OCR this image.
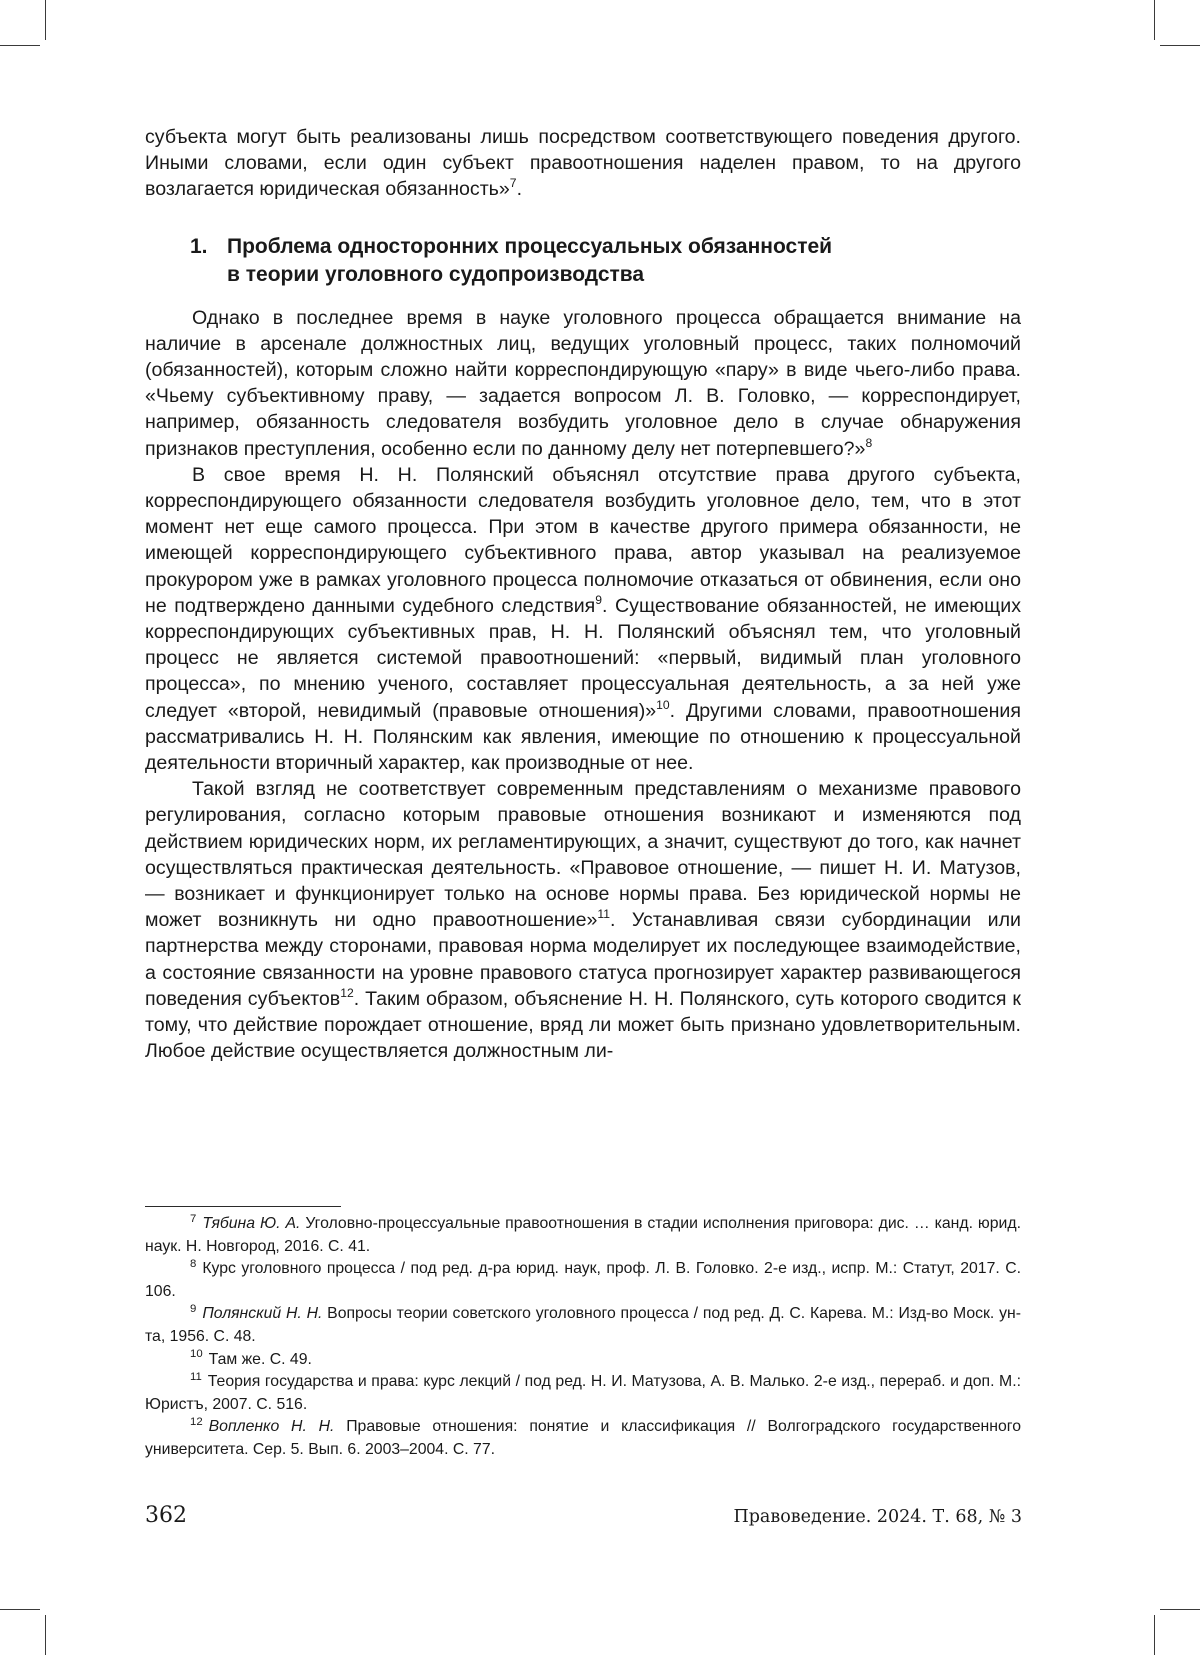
субъекта могут быть реализованы лишь посредством соответствующего поведения другого. Иными словами, если один субъект правоотношения наделен правом, то на другого возлагается юридическая обязанность»$^7$.

1. Проблема односторонних процессуальных обязанностей
в теории уголовного судопроизводства

Однако в последнее время в науке уголовного процесса обращается внимание на наличие в арсенале должностных лиц, ведущих уголовный процесс, таких полномочий (обязанностей), которым сложно найти корреспондирующую «пару» в виде чьего-либо права. «Чьему субъективному праву, — задается вопросом Л. В. Головко, — корреспондирует, например, обязанность следователя возбудить уголовное дело в случае обнаружения признаков преступления, особенно если по данному делу нет потерпевшего?»$^8$

В свое время Н. Н. Полянский объяснял отсутствие права другого субъекта, корреспондирующего обязанности следователя возбудить уголовное дело, тем, что в этот момент нет еще самого процесса. При этом в качестве другого примера обязанности, не имеющей корреспондирующего субъективного права, автор указывал на реализуемое прокурором уже в рамках уголовного процесса полномочие отказаться от обвинения, если оно не подтверждено данными судебного следствия$^9$. Существование обязанностей, не имеющих корреспондирующих субъективных прав, Н. Н. Полянский объяснял тем, что уголовный процесс не является системой правоотношений: «первый, видимый план уголовного процесса», по мнению ученого, составляет процессуальная деятельность, а за ней уже следует «второй, невидимый (правовые отношения)»$^{10}$. Другими словами, правоотношения рассматривались Н. Н. Полянским как явления, имеющие по отношению к процессуальной деятельности вторичный характер, как производные от нее.

Такой взгляд не соответствует современным представлениям о механизме правового регулирования, согласно которым правовые отношения возникают и изменяются под действием юридических норм, их регламентирующих, а значит, существуют до того, как начнет осуществляться практическая деятельность. «Правовое отношение, — пишет Н. И. Матузов, — возникает и функционирует только на основе нормы права. Без юридической нормы не может возникнуть ни одно правоотношение»$^{11}$. Устанавливая связи субординации или партнерства между сторонами, правовая норма моделирует их последующее взаимодействие, а состояние связанности на уровне правового статуса прогнозирует характер развивающегося поведения субъектов$^{12}$. Таким образом, объяснение Н. Н. Полянского, суть которого сводится к тому, что действие порождает отношение, вряд ли может быть признано удовлетворительным. Любое действие осуществляется должностным ли-

$^7$ Тябина Ю. А. Уголовно-процессуальные правоотношения в стадии исполнения приговора: дис. … канд. юрид. наук. Н. Новгород, 2016. С. 41.

$^8$ Курс уголовного процесса / под ред. д-ра юрид. наук, проф. Л. В. Головко. 2-е изд., испр. М.: Статут, 2017. С. 106.

$^9$ Полянский Н. Н. Вопросы теории советского уголовного процесса / под ред. Д. С. Карева. М.: Изд-во Моск. ун-та, 1956. С. 48.

$^{10}$ Там же. С. 49.

$^{11}$ Теория государства и права: курс лекций / под ред. Н. И. Матузова, А. В. Малько. 2-е изд., перераб. и доп. М.: Юристъ, 2007. С. 516.

$^{12}$ Вопленко Н. Н. Правовые отношения: понятие и классификация // Волгоградского государственного университета. Сер. 5. Вып. 6. 2003–2004. С. 77.

362	Правоведение. 2024. Т. 68, № 3
